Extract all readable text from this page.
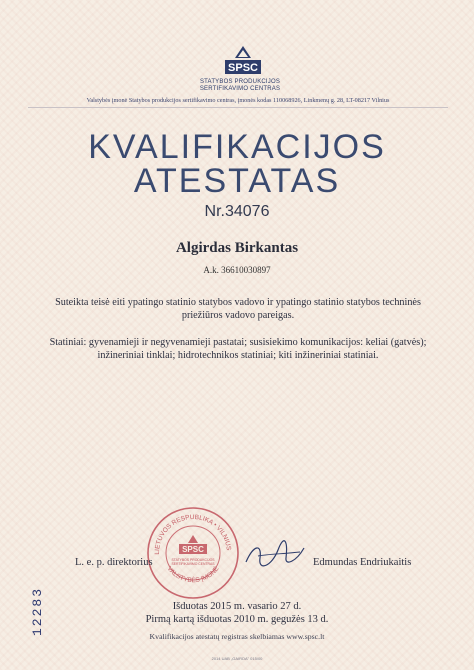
SPSC
STATYBOS PRODUKCIJOS
SERTIFIKAVIMO CENTRAS
Valstybės įmonė Statybos produkcijos sertifikavimo centras, įmonės kodas 110068926, Linkmenų g. 28, LT-08217 Vilnius
KVALIFIKACIJOS
ATESTATAS
Nr.34076
Algirdas Birkantas
A.k. 36610030897
Suteikta teisė eiti ypatingo statinio statybos vadovo ir ypatingo statinio statybos techninės priežiūros vadovo pareigas.
Statiniai: gyvenamieji ir negyvenamieji pastatai; susisiekimo komunikacijos: keliai (gatvės); inžineriniai tinklai; hidrotechnikos statiniai; kiti inžineriniai statiniai.
LIETUVOS RESPUBLIKA • VILNIUS
VALSTYBĖS ĮMONĖ
SPSC
STATYBOS PRODUKCIJOS
SERTIFIKAVIMO CENTRAS
L. e. p. direktorius	Edmundas Endriukaitis
Išduotas 2015 m. vasario 27 d.
Pirmą kartą išduotas 2010 m. gegužės 13 d.
Kvalifikacijos atestatų registras skelbiamas www.spsc.lt
2014 UAB „GAIRDA" 015/00
12283
